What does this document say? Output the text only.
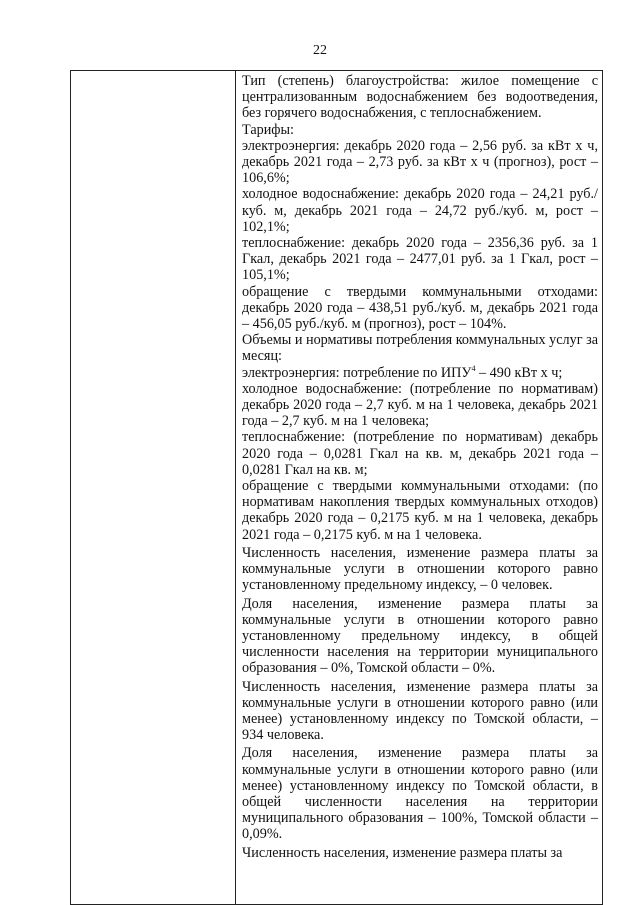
22

Тип (степень) благоустройства: жилое помещение с централизованным водоснабжением без водоотведения, без горячего водоснабжения, с теплоснабжением.

Тарифы:

электроэнергия: декабрь 2020 года – 2,56 руб. за кВт х ч, декабрь 2021 года – 2,73 руб. за кВт х ч (прогноз), рост – 106,6%;

холодное водоснабжение: декабрь 2020 года – 24,21 руб./куб. м, декабрь 2021 года – 24,72 руб./куб. м, рост – 102,1%;

теплоснабжение: декабрь 2020 года – 2356,36 руб. за 1 Гкал, декабрь 2021 года – 2477,01 руб. за 1 Гкал, рост – 105,1%;

обращение с твердыми коммунальными отходами: декабрь 2020 года – 438,51 руб./куб. м, декабрь 2021 года – 456,05 руб./куб. м (прогноз), рост – 104%.

Объемы и нормативы потребления коммунальных услуг за месяц:

электроэнергия: потребление по ИПУ$^4$ – 490 кВт х ч;

холодное водоснабжение: (потребление по нормативам) декабрь 2020 года – 2,7 куб. м на 1 человека, декабрь 2021 года – 2,7 куб. м на 1 человека;

теплоснабжение: (потребление по нормативам) декабрь 2020 года – 0,0281 Гкал на кв. м, декабрь 2021 года – 0,0281 Гкал на кв. м;

обращение с твердыми коммунальными отходами: (по нормативам накопления твердых коммунальных отходов) декабрь 2020 года – 0,2175 куб. м на 1 человека, декабрь 2021 года – 0,2175 куб. м на 1 человека.

Численность населения, изменение размера платы за коммунальные услуги в отношении которого равно установленному предельному индексу, – 0 человек.

Доля населения, изменение размера платы за коммунальные услуги в отношении которого равно установленному предельному индексу, в общей численности населения на территории муниципального образования – 0%, Томской области – 0%.

Численность населения, изменение размера платы за коммунальные услуги в отношении которого равно (или менее) установленному индексу по Томской области, – 934 человека.

Доля населения, изменение размера платы за коммунальные услуги в отношении которого равно (или менее) установленному индексу по Томской области, в общей численности населения на территории муниципального образования – 100%, Томской области – 0,09%.

Численность населения, изменение размера платы за
